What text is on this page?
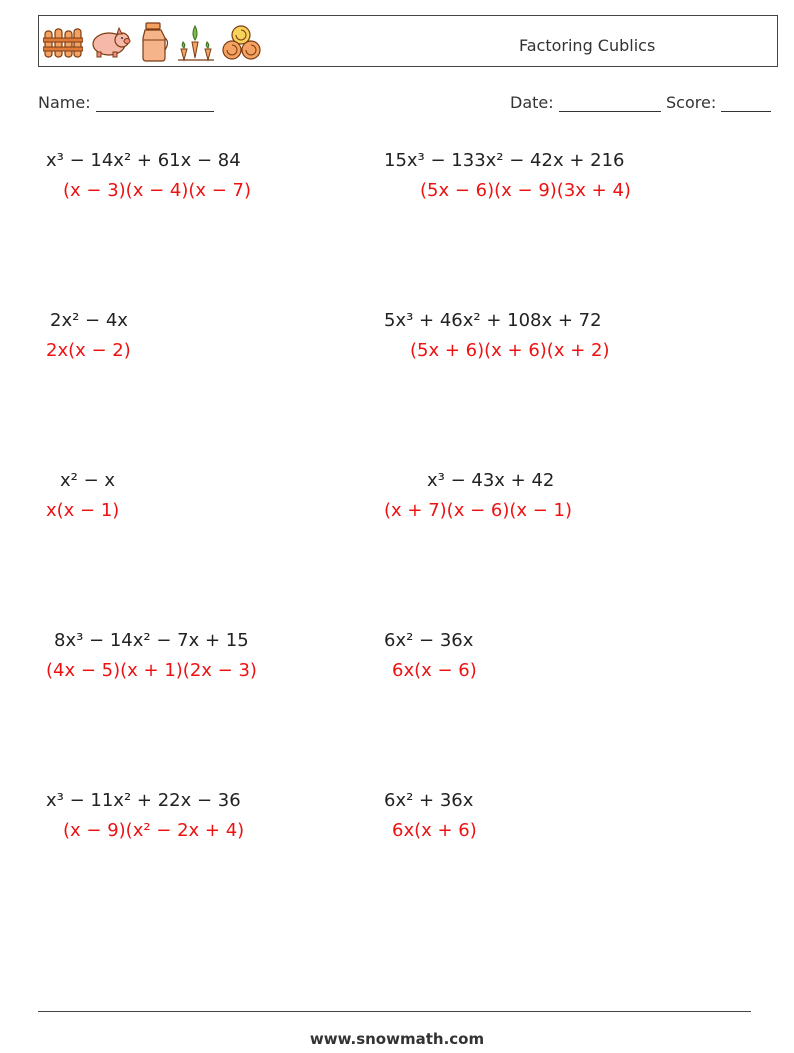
Factoring Cublics
Name:	Date:	Score:
x³ − 14x² + 61x − 84
(x − 3)(x − 4)(x − 7)
2x² − 4x
2x(x − 2)
x² − x
x(x − 1)
8x³ − 14x² − 7x + 15
(4x − 5)(x + 1)(2x − 3)
x³ − 11x² + 22x − 36
(x − 9)(x² − 2x + 4)
15x³ − 133x² − 42x + 216
(5x − 6)(x − 9)(3x + 4)
5x³ + 46x² + 108x + 72
(5x + 6)(x + 6)(x + 2)
x³ − 43x + 42
(x + 7)(x − 6)(x − 1)
6x² − 36x
6x(x − 6)
6x² + 36x
6x(x + 6)
www.snowmath.com
